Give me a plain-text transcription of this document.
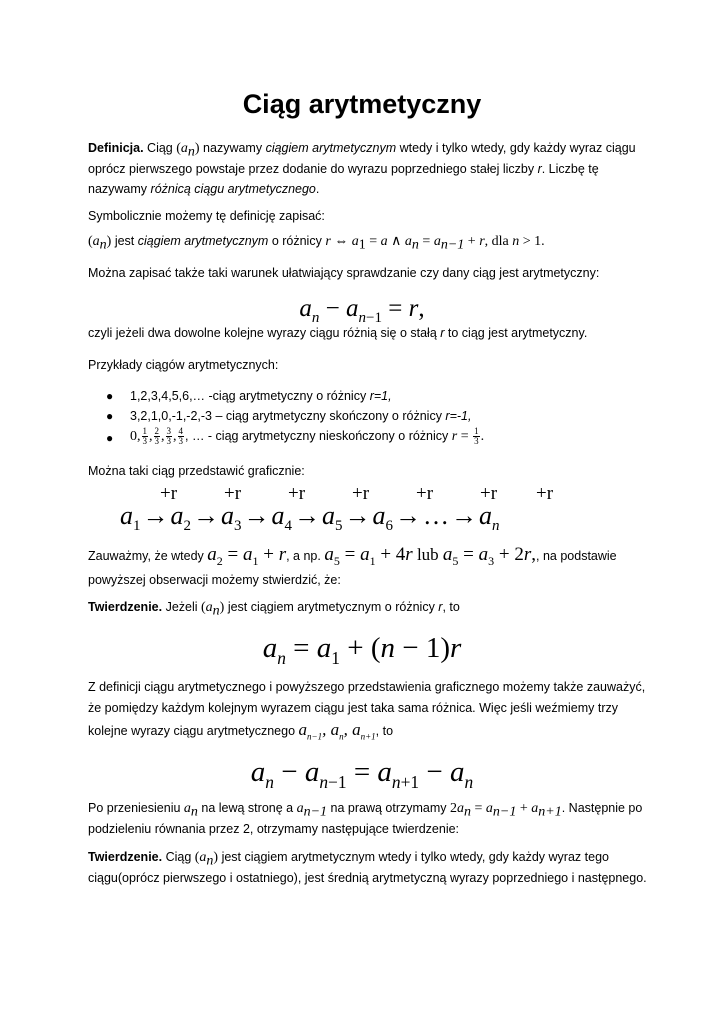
Ciąg arytmetyczny
Definicja. Ciąg $(a_n)$ nazywamy ciągiem arytmetycznym wtedy i tylko wtedy, gdy każdy wyraz ciągu oprócz pierwszego powstaje przez dodanie do wyrazu poprzedniego stałej liczby r. Liczbę tę nazywamy różnicą ciągu arytmetycznego.
Symbolicznie możemy tę definicję zapisać:
$(a_n)$ jest ciągiem arytmetycznym o różnicy r ⇔ $a_1 = a$ ∧ $a_n = a_{n-1} + r$, dla n > 1.
Można zapisać także taki warunek ułatwiający sprawdzanie czy dany ciąg jest arytmetyczny:
$a_n - a_{n-1} = r$,
czyli jeżeli dwa dowolne kolejne wyrazy ciągu różnią się o stałą r to ciąg jest arytmetyczny.
Przykłady ciągów arytmetycznych:
● 1,2,3,4,5,6,… -ciąg arytmetyczny o różnicy r=1,
● 3,2,1,0,-1,-2,-3 – ciąg arytmetyczny skończony o różnicy r=-1,
● 0, $\frac{1}{3}$ , $\frac{2}{3}$ , $\frac{3}{3}$ , $\frac{4}{3}$ , … - ciąg arytmetyczny nieskończony o różnicy $r = \frac{1}{3}$ .
Można taki ciąg przedstawić graficznie:
+r +r +r +r +r +r +r
$a_1\to a_2\to a_3\to a_4\to a_5\to a_6\to\dots\to a_n$
Zauważmy, że wtedy $a_2 = a_1 + r$, a np. $a_5 = a_1 + 4r$ lub $a_5 = a_3 + 2r$,, na podstawie powyższej obserwacji możemy stwierdzić, że:
Twierdzenie. Jeżeli $(a_n)$ jest ciągiem arytmetycznym o różnicy r, to
$a_n = a_1 + (n - 1)r$
Z definicji ciągu arytmetycznego i powyższego przedstawienia graficznego możemy także zauważyć, że pomiędzy każdym kolejnym wyrazem ciągu jest taka sama różnica. Więc jeśli weźmiemy trzy kolejne wyrazy ciągu arytmetycznego $a_{n-1}$, $a_n$, $a_{n+1}$, to
$a_n - a_{n-1} = a_{n+1} - a_n$
Po przeniesieniu $a_n$ na lewą stronę a $a_{n-1}$ na prawą otrzymamy $2a_n = a_{n-1} + a_{n+1}$. Następnie po podzieleniu równania przez 2, otrzymamy następujące twierdzenie:
Twierdzenie. Ciąg $(a_n)$ jest ciągiem arytmetycznym wtedy i tylko wtedy, gdy każdy wyraz tego ciągu(oprócz pierwszego i ostatniego), jest średnią arytmetyczną wyrazy poprzedniego i następnego.
